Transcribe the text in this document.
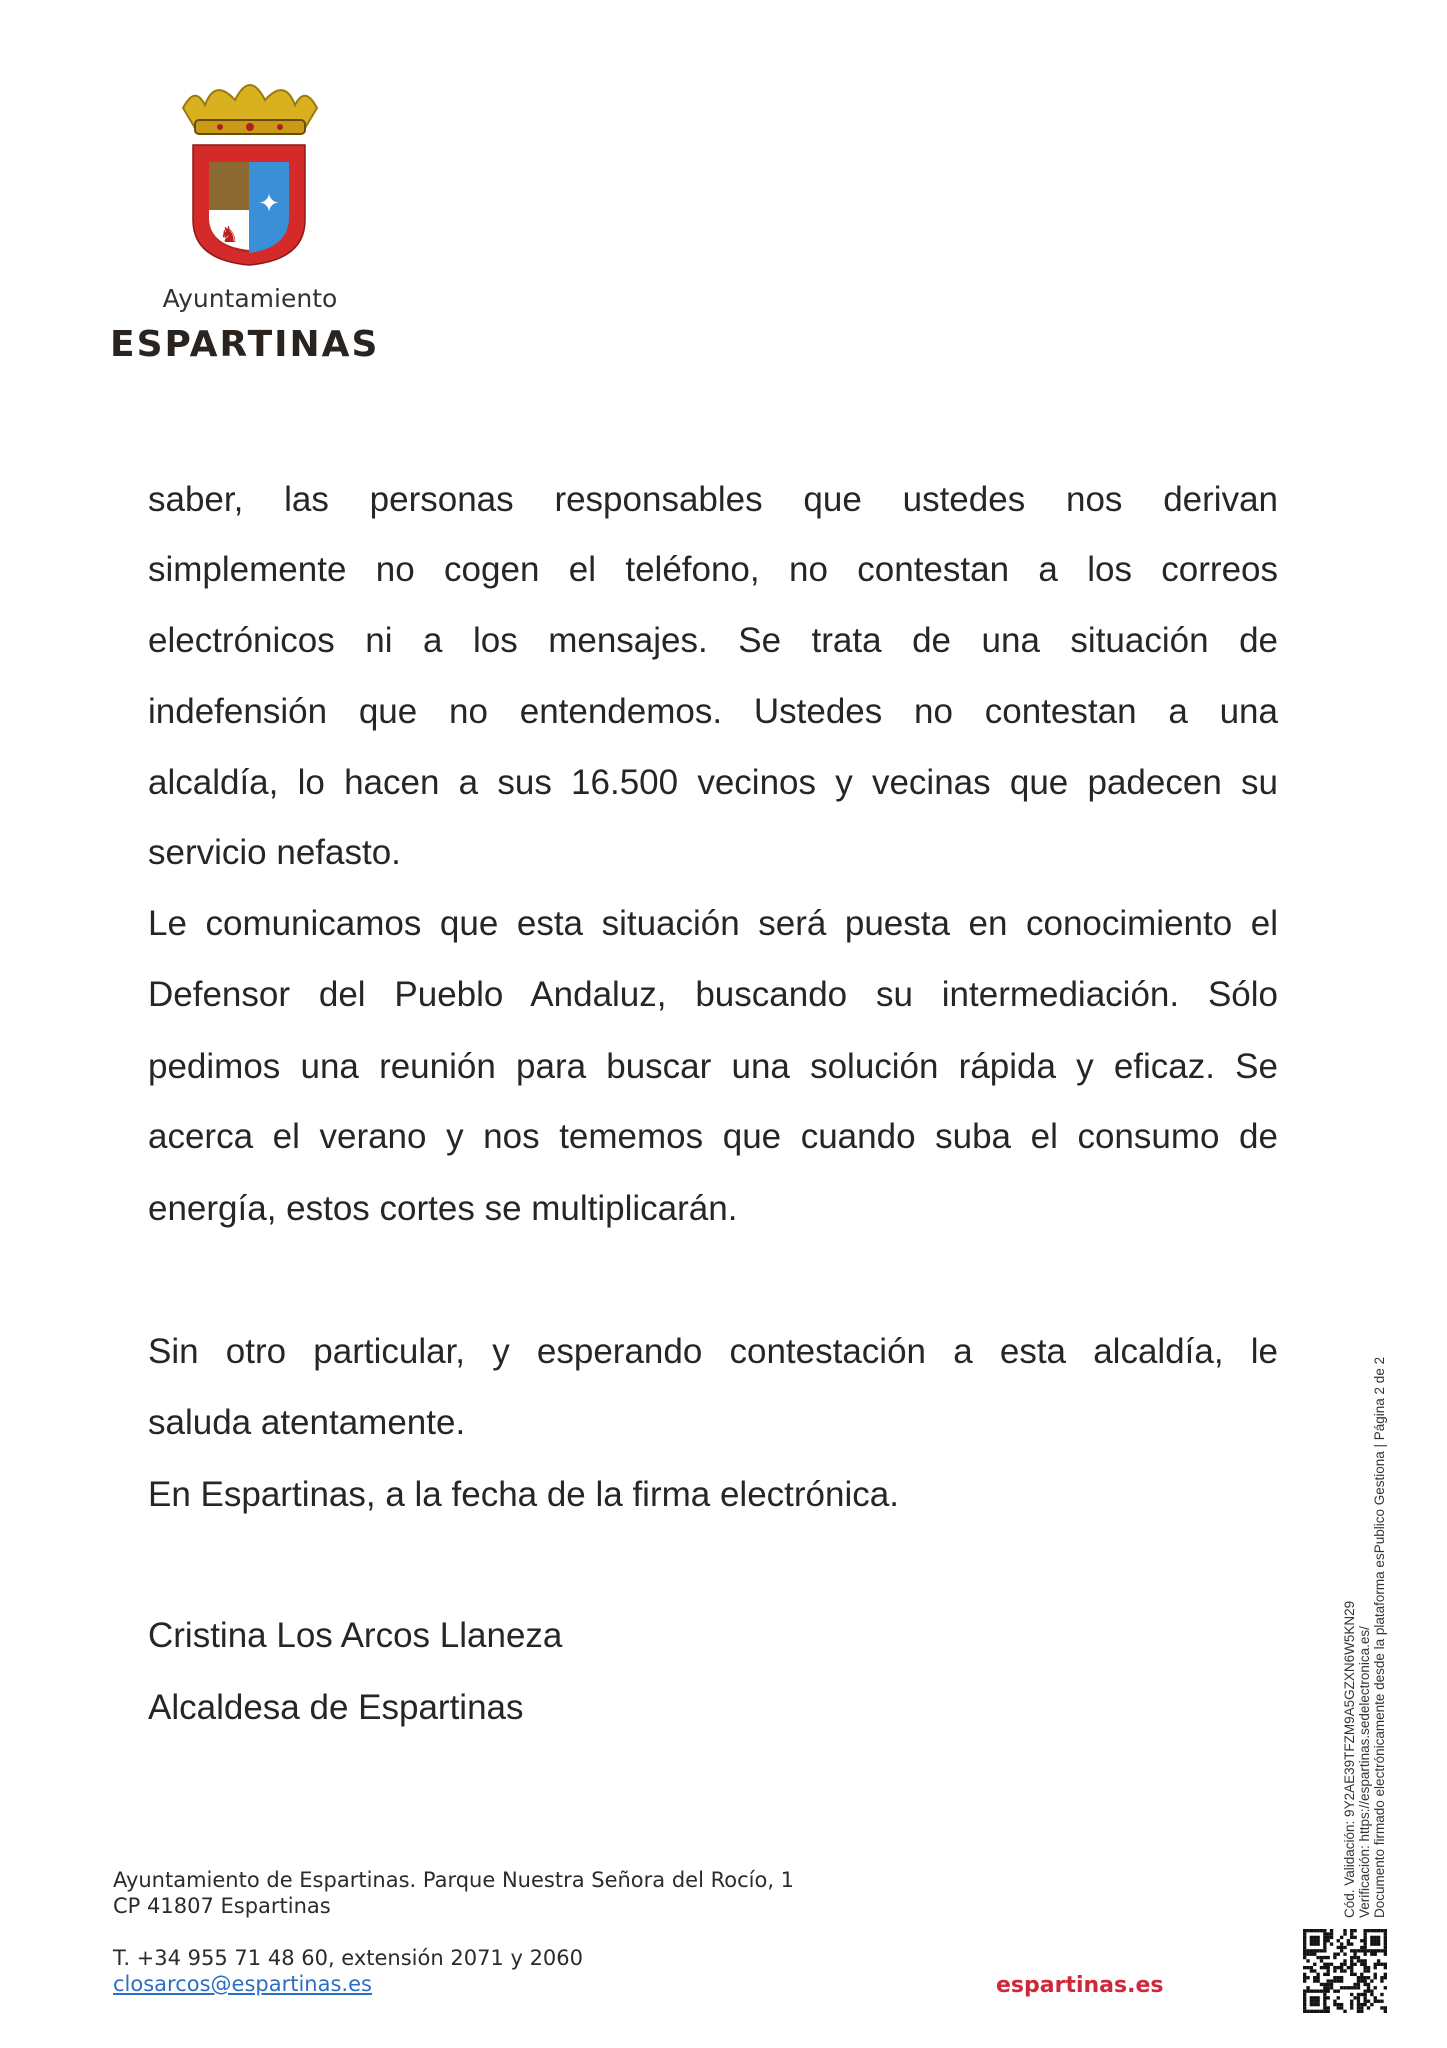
✦
♞
Ayuntamiento
ESPARTINAS
saber, las personas responsables que ustedes nos derivan
simplemente no cogen el teléfono, no contestan a los correos
electrónicos ni a los mensajes. Se trata de una situación de
indefensión que no entendemos. Ustedes no contestan a una
alcaldía, lo hacen a sus 16.500 vecinos y vecinas que padecen su
servicio nefasto.
Le comunicamos que esta situación será puesta en conocimiento el
Defensor del Pueblo Andaluz, buscando su intermediación. Sólo
pedimos una reunión para buscar una solución rápida y eficaz. Se
acerca el verano y nos tememos que cuando suba el consumo de
energía, estos cortes se multiplicarán.
Sin otro particular, y esperando contestación a esta alcaldía, le
saluda atentamente.
En Espartinas, a la fecha de la firma electrónica.
Cristina Los Arcos Llaneza
Alcaldesa de Espartinas
Ayuntamiento de Espartinas. Parque Nuestra Señora del Rocío, 1
CP 41807 Espartinas
T. +34 955 71 48 60, extensión 2071 y 2060
closarcos@espartinas.es	espartinas.es
Cód. Validación: 9Y2AE39TFZM9A5GZXN6W5KN29 Verificación: https://espartinas.sedelectronica.es/ Documento firmado electrónicamente desde la plataforma esPublico Gestiona | Página 2 de 2
